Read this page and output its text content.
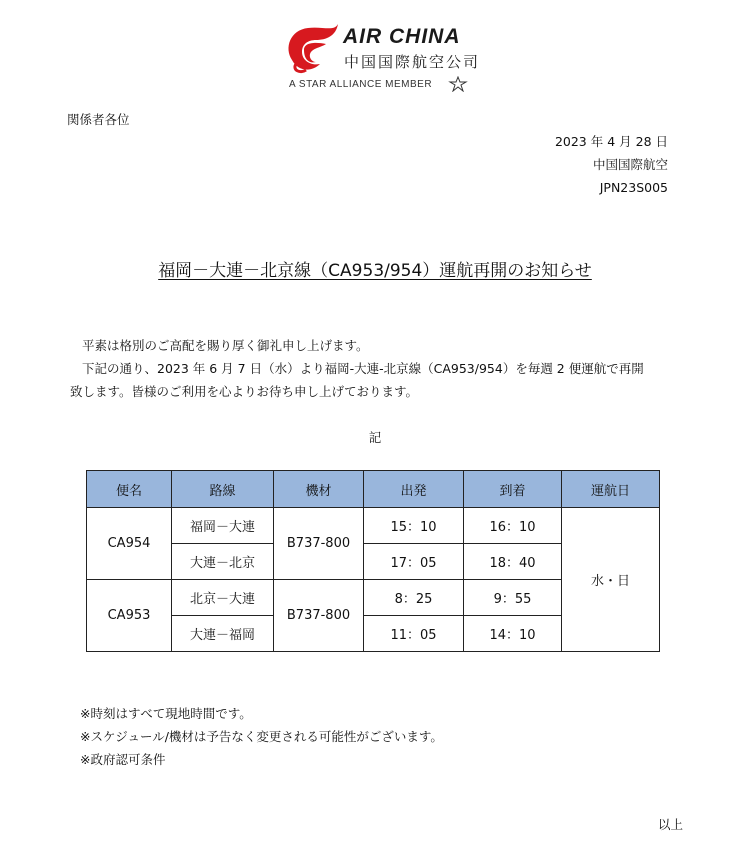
AIR CHINA
中国国際航空公司
A STAR ALLIANCE MEMBER
関係者各位
2023 年 4 月 28 日
中国国際航空
JPN23S005
福岡－大連－北京線（CA953/954）運航再開のお知らせ

平素は格別のご高配を賜り厚く御礼申し上げます。

下記の通り、2023 年 6 月 7 日（水）より福岡-大連-北京線（CA953/954）を毎週 2 便運航で再開

致します。皆様のご利用を心よりお待ち申し上げております。

記
便名	路線	機材	出発	到着	運航日
CA954	福岡－大連	B737-800	15：10	16：10	水・日
	大連－北京		17：05	18：40	
CA953	北京－大連	B737-800	8：25	9：55	
	大連－福岡		11：05	14：10	
※時刻はすべて現地時間です。
※スケジュール/機材は予告なく変更される可能性がございます。
※政府認可条件
以上
